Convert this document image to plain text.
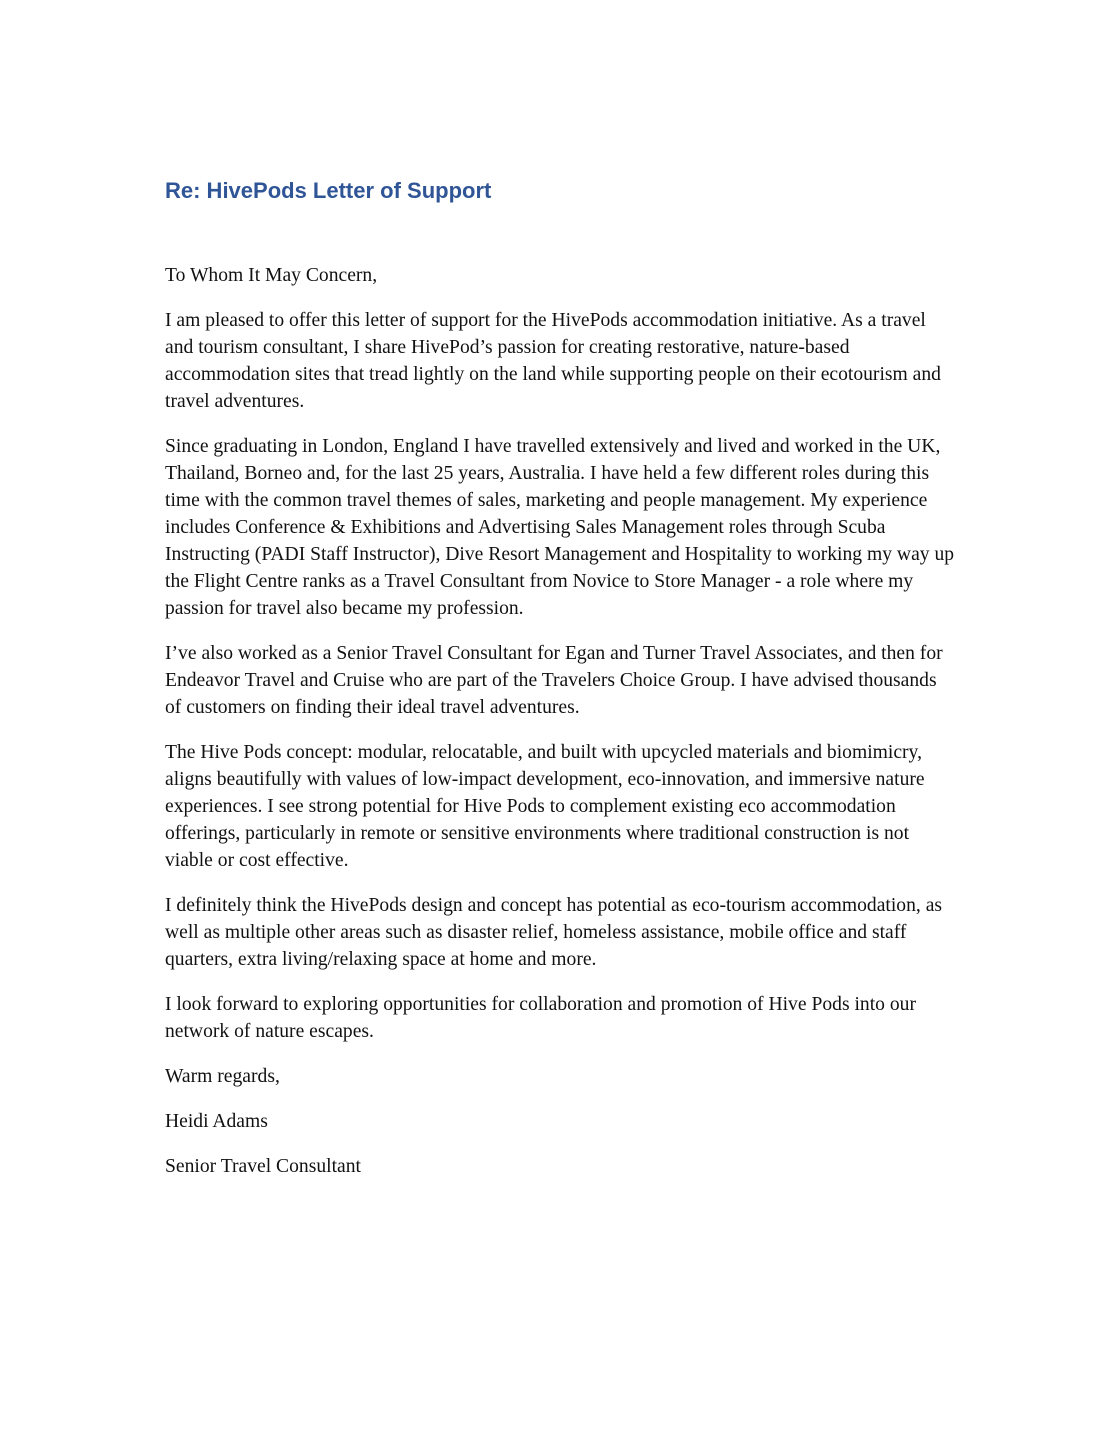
Re: HivePods Letter of Support

To Whom It May Concern,

I am pleased to offer this letter of support for the HivePods accommodation initiative. As a travel and tourism consultant, I share HivePod’s passion for creating restorative, nature-based accommodation sites that tread lightly on the land while supporting people on their ecotourism and travel adventures.

Since graduating in London, England I have travelled extensively and lived and worked in the UK, Thailand, Borneo and, for the last 25 years, Australia. I have held a few different roles during this time with the common travel themes of sales, marketing and people management. My experience includes Conference & Exhibitions and Advertising Sales Management roles through Scuba Instructing (PADI Staff Instructor), Dive Resort Management and Hospitality to working my way up the Flight Centre ranks as a Travel Consultant from Novice to Store Manager - a role where my passion for travel also became my profession.

I’ve also worked as a Senior Travel Consultant for Egan and Turner Travel Associates, and then for Endeavor Travel and Cruise who are part of the Travelers Choice Group. I have advised thousands of customers on finding their ideal travel adventures.

The Hive Pods concept: modular, relocatable, and built with upcycled materials and biomimicry, aligns beautifully with values of low-impact development, eco-innovation, and immersive nature experiences. I see strong potential for Hive Pods to complement existing eco accommodation offerings, particularly in remote or sensitive environments where traditional construction is not viable or cost effective.

I definitely think the HivePods design and concept has potential as eco-tourism accommodation, as well as multiple other areas such as disaster relief, homeless assistance, mobile office and staff quarters, extra living/relaxing space at home and more.

I look forward to exploring opportunities for collaboration and promotion of Hive Pods into our network of nature escapes.

Warm regards,

Heidi Adams

Senior Travel Consultant
